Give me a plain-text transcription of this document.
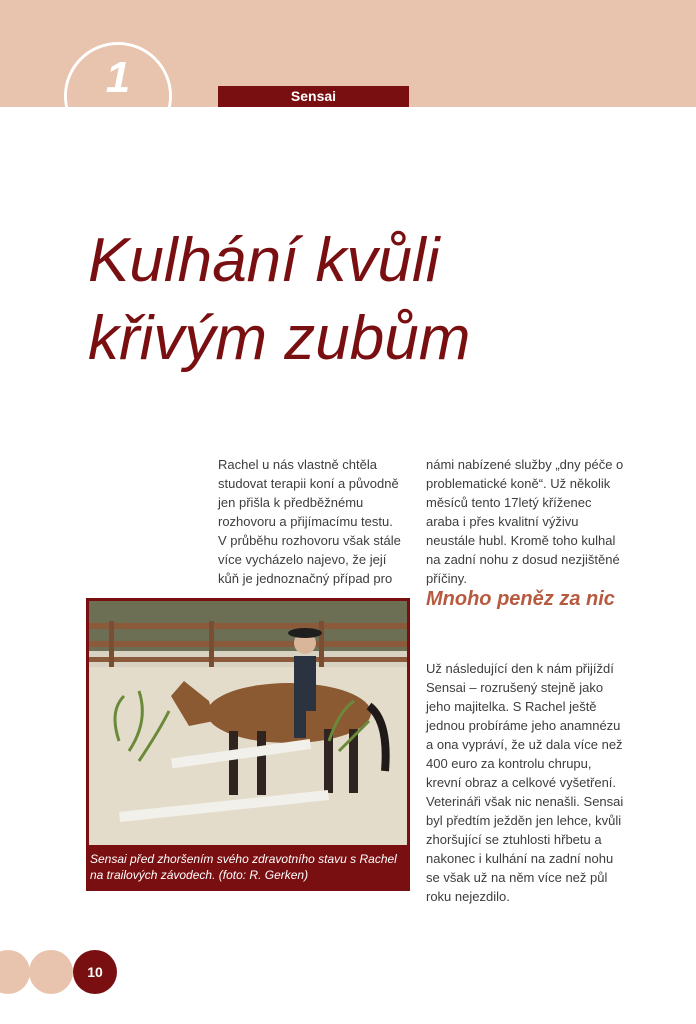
1	Sensai
Kulhání kvůli
křivým zubům
Rachel u nás vlastně chtěla studovat terapii koní a původně jen přišla k předběžnému rozhovoru a přijímacímu testu. V průběhu rozhovoru však stále více vycházelo najevo, že její kůň je jednoznačný případ pro
námi nabízené služby „dny péče o problematické koně“. Už několik měsíců tento 17letý kříženec araba i přes kvalitní výživu neustále hubl. Kromě toho kulhal na zadní nohu z dosud nezjištěné příčiny.
Mnoho peněz za nic
Už následující den k nám přijíždí Sensai – rozrušený stejně jako jeho majitelka. S Rachel ještě jednou probíráme jeho anamnézu a ona vypráví, že už dala více než 400 euro za kontrolu chrupu, krevní obraz a celkové vyšetření. Veterináři však nic nenašli. Sensai byl předtím ježděn jen lehce, kvůli zhoršující se ztuhlosti hřbetu a nakonec i kulhání na zadní nohu se však už na něm více než půl roku nejezdilo.
Sensai před zhoršením svého zdravotního stavu s Rachel na trailových závodech. (foto: R. Gerken)
10
